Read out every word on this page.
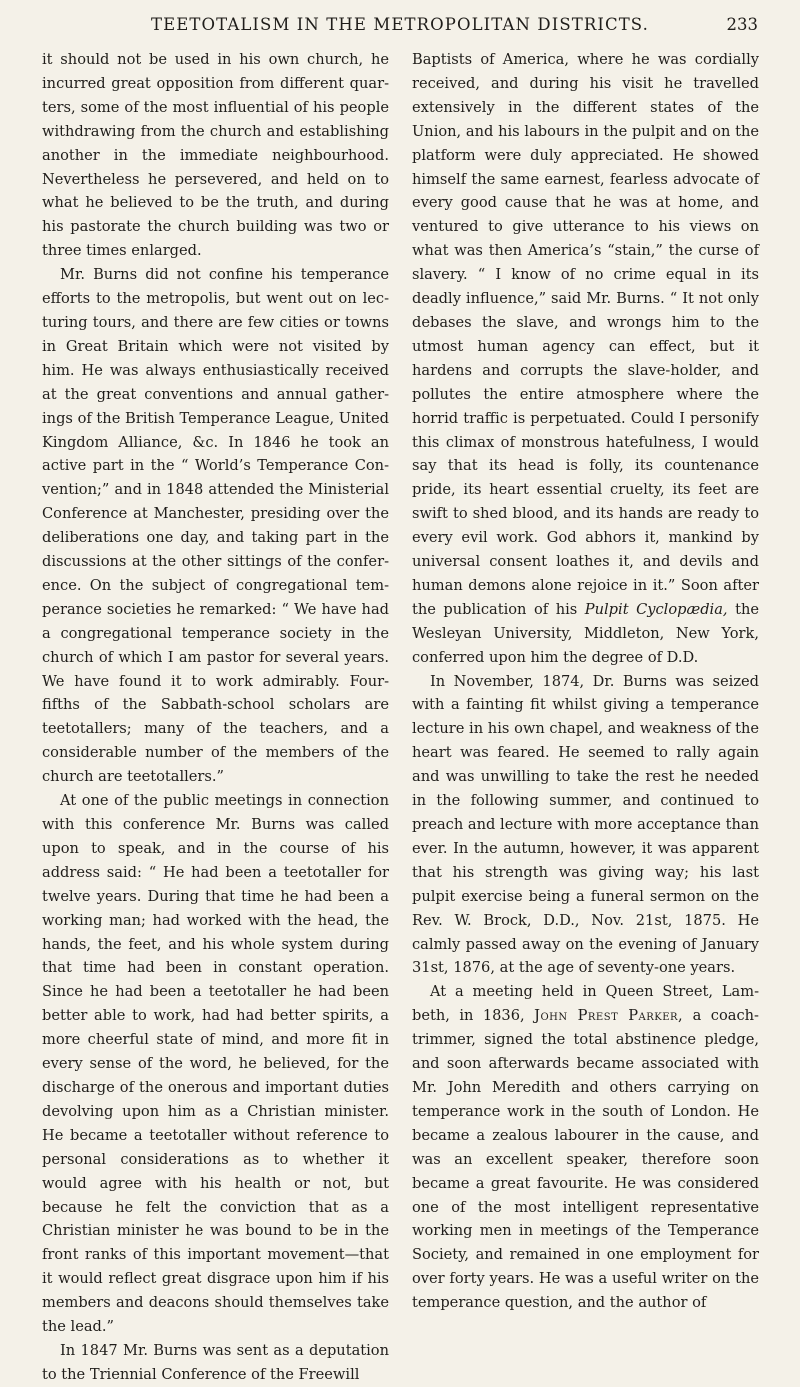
TEETOTALISM IN THE METROPOLITAN DISTRICTS.	233

it should not be used in his own church, he incurred great opposition from different quarters, some of the most influential of his people withdrawing from the church and establishing another in the immediate neighbourhood. Nevertheless he persevered, and held on to what he believed to be the truth, and during his pastorate the church building was two or three times enlarged.

Mr. Burns did not confine his temperance efforts to the metropolis, but went out on lecturing tours, and there are few cities or towns in Great Britain which were not visited by him. He was always enthusiastically received at the great conventions and annual gatherings of the British Temperance League, United Kingdom Alliance, &c. In 1846 he took an active part in the “ World’s Temperance Convention;” and in 1848 attended the Ministerial Conference at Manchester, presiding over the deliberations one day, and taking part in the discussions at the other sittings of the conference. On the subject of congregational temperance societies he remarked: “ We have had a congregational temperance society in the church of which I am pastor for several years. We have found it to work admirably. Four-fifths of the Sabbath-school scholars are teetotallers; many of the teachers, and a considerable number of the members of the church are teetotallers.”

At one of the public meetings in connection with this conference Mr. Burns was called upon to speak, and in the course of his address said: “ He had been a teetotaller for twelve years. During that time he had been a working man; had worked with the head, the hands, the feet, and his whole system during that time had been in constant operation. Since he had been a teetotaller he had been better able to work, had had better spirits, a more cheerful state of mind, and more fit in every sense of the word, he believed, for the discharge of the onerous and important duties devolving upon him as a Christian minister. He became a teetotaller without reference to personal considerations as to whether it would agree with his health or not, but because he felt the conviction that as a Christian minister he was bound to be in the front ranks of this important movement—that it would reflect great disgrace upon him if his members and deacons should themselves take the lead.”

In 1847 Mr. Burns was sent as a deputation to the Triennial Conference of the Freewill

Baptists of America, where he was cordially received, and during his visit he travelled extensively in the different states of the Union, and his labours in the pulpit and on the platform were duly appreciated. He showed himself the same earnest, fearless advocate of every good cause that he was at home, and ventured to give utterance to his views on what was then America’s “stain,” the curse of slavery. “ I know of no crime equal in its deadly influence,” said Mr. Burns. “ It not only debases the slave, and wrongs him to the utmost human agency can effect, but it hardens and corrupts the slave-holder, and pollutes the entire atmosphere where the horrid traffic is perpetuated. Could I personify this climax of monstrous hatefulness, I would say that its head is folly, its countenance pride, its heart essential cruelty, its feet are swift to shed blood, and its hands are ready to every evil work. God abhors it, mankind by universal consent loathes it, and devils and human demons alone rejoice in it.” Soon after the publication of his Pulpit Cyclopædia, the Wesleyan University, Middleton, New York, conferred upon him the degree of D.D.

In November, 1874, Dr. Burns was seized with a fainting fit whilst giving a temperance lecture in his own chapel, and weakness of the heart was feared. He seemed to rally again and was unwilling to take the rest he needed in the following summer, and continued to preach and lecture with more acceptance than ever. In the autumn, however, it was apparent that his strength was giving way; his last pulpit exercise being a funeral sermon on the Rev. W. Brock, D.D., Nov. 21st, 1875. He calmly passed away on the evening of January 31st, 1876, at the age of seventy-one years.

At a meeting held in Queen Street, Lambeth, in 1836, John Prest Parker, a coach-trimmer, signed the total abstinence pledge, and soon afterwards became associated with Mr. John Meredith and others carrying on temperance work in the south of London. He became a zealous labourer in the cause, and was an excellent speaker, therefore soon became a great favourite. He was considered one of the most intelligent representative working men in meetings of the Temperance Society, and remained in one employment for over forty years. He was a useful writer on the temperance question, and the author of
